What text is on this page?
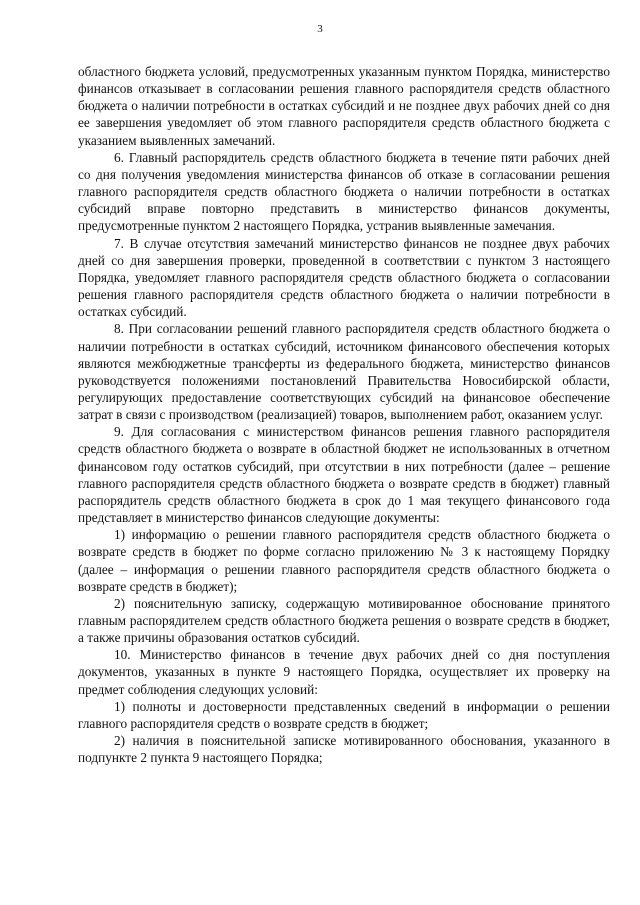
3

областного бюджета условий, предусмотренных указанным пунктом Порядка, министерство финансов отказывает в согласовании решения главного распорядителя средств областного бюджета о наличии потребности в остатках субсидий и не позднее двух рабочих дней со дня ее завершения уведомляет об этом главного распорядителя средств областного бюджета с указанием выявленных замечаний.

6. Главный распорядитель средств областного бюджета в течение пяти рабочих дней со дня получения уведомления министерства финансов об отказе в согласовании решения главного распорядителя средств областного бюджета о наличии потребности в остатках субсидий вправе повторно представить в министерство финансов документы, предусмотренные пунктом 2 настоящего Порядка, устранив выявленные замечания.

7. В случае отсутствия замечаний министерство финансов не позднее двух рабочих дней со дня завершения проверки, проведенной в соответствии с пунктом 3 настоящего Порядка, уведомляет главного распорядителя средств областного бюджета о согласовании решения главного распорядителя средств областного бюджета о наличии потребности в остатках субсидий.

8. При согласовании решений главного распорядителя средств областного бюджета о наличии потребности в остатках субсидий, источником финансового обеспечения которых являются межбюджетные трансферты из федерального бюджета, министерство финансов руководствуется положениями постановлений Правительства Новосибирской области, регулирующих предоставление соответствующих субсидий на финансовое обеспечение затрат в связи с производством (реализацией) товаров, выполнением работ, оказанием услуг.

9. Для согласования с министерством финансов решения главного распорядителя средств областного бюджета о возврате в областной бюджет не использованных в отчетном финансовом году остатков субсидий, при отсутствии в них потребности (далее – решение главного распорядителя средств областного бюджета о возврате средств в бюджет) главный распорядитель средств областного бюджета в срок до 1 мая текущего финансового года представляет в министерство финансов следующие документы:

1) информацию о решении главного распорядителя средств областного бюджета о возврате средств в бюджет по форме согласно приложению № 3 к настоящему Порядку (далее – информация о решении главного распорядителя средств областного бюджета о возврате средств в бюджет);

2) пояснительную записку, содержащую мотивированное обоснование принятого главным распорядителем средств областного бюджета решения о возврате средств в бюджет, а также причины образования остатков субсидий.

10. Министерство финансов в течение двух рабочих дней со дня поступления документов, указанных в пункте 9 настоящего Порядка, осуществляет их проверку на предмет соблюдения следующих условий:

1) полноты и достоверности представленных сведений в информации о решении главного распорядителя средств о возврате средств в бюджет;

2) наличия в пояснительной записке мотивированного обоснования, указанного в подпункте 2 пункта 9 настоящего Порядка;
